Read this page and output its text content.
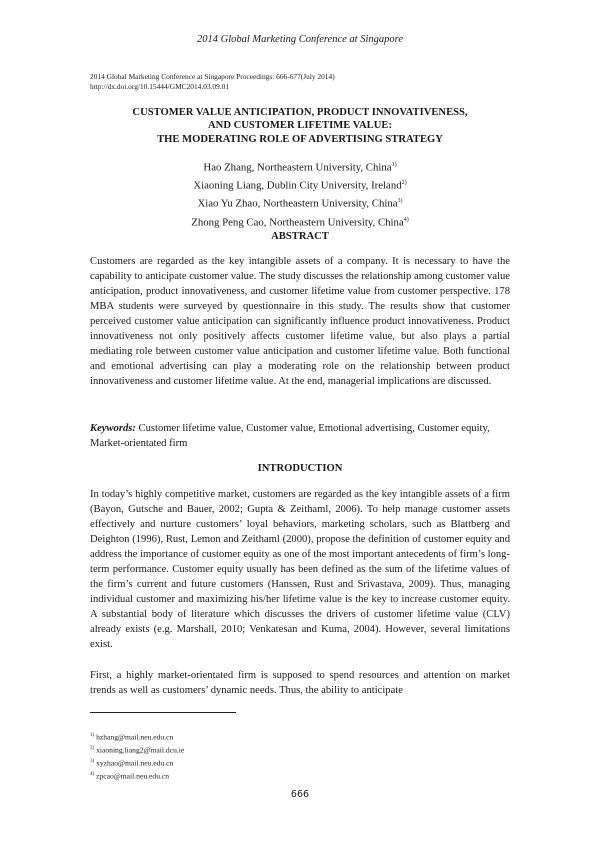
2014 Global Marketing Conference at Singapore
2014 Global Marketing Conference at Singapore Proceedings: 666-677(July 2014)
http://dx.doi.org/10.15444/GMC2014.03.09.01
CUSTOMER VALUE ANTICIPATION, PRODUCT INNOVATIVENESS,
AND CUSTOMER LIFETIME VALUE:
THE MODERATING ROLE OF ADVERTISING STRATEGY
Hao Zhang, Northeastern University, China$^{1)}$
Xiaoning Liang, Dublin City University, Ireland$^{2)}$
Xiao Yu Zhao, Northeastern University, China$^{3)}$
Zhong Peng Cao, Northeastern University, China$^{4)}$
ABSTRACT
Customers are regarded as the key intangible assets of a company. It is necessary to have the capability to anticipate customer value. The study discusses the relationship among customer value anticipation, product innovativeness, and customer lifetime value from customer perspective. 178 MBA students were surveyed by questionnaire in this study. The results show that customer perceived customer value anticipation can significantly influence product innovativeness. Product innovativeness not only positively affects customer lifetime value, but also plays a partial mediating role between customer value anticipation and customer lifetime value. Both functional and emotional advertising can play a moderating role on the relationship between product innovativeness and customer lifetime value. At the end, managerial implications are discussed.
Keywords: Customer lifetime value, Customer value, Emotional advertising, Customer equity, Market-orientated firm
INTRODUCTION
In today’s highly competitive market, customers are regarded as the key intangible assets of a firm (Bayon, Gutsche and Bauer, 2002; Gupta & Zeithaml, 2006). To help manage customer assets effectively and nurture customers’ loyal behaviors, marketing scholars, such as Blattberg and Deighton (1996), Rust, Lemon and Zeithaml (2000), propose the definition of customer equity and address the importance of customer equity as one of the most important antecedents of firm’s long-term performance. Customer equity usually has been defined as the sum of the lifetime values of the firm’s current and future customers (Hanssen, Rust and Srivastava, 2009). Thus, managing individual customer and maximizing his/her lifetime value is the key to increase customer equity. A substantial body of literature which discusses the drivers of customer lifetime value (CLV) already exists (e.g. Marshall, 2010; Venkatesan and Kuma, 2004). However, several limitations exist.
First, a highly market-orientated firm is supposed to spend resources and attention on market trends as well as customers’ dynamic needs. Thus, the ability to anticipate
$^{1)}$ hzhang@mail.neu.edu.cn
$^{2)}$ xiaoning.liang2@mail.dcu.ie
$^{3)}$ xyzhao@mail.neu.edu.cn
$^{4)}$ zpcao@mail.neu.edu.cn
666
